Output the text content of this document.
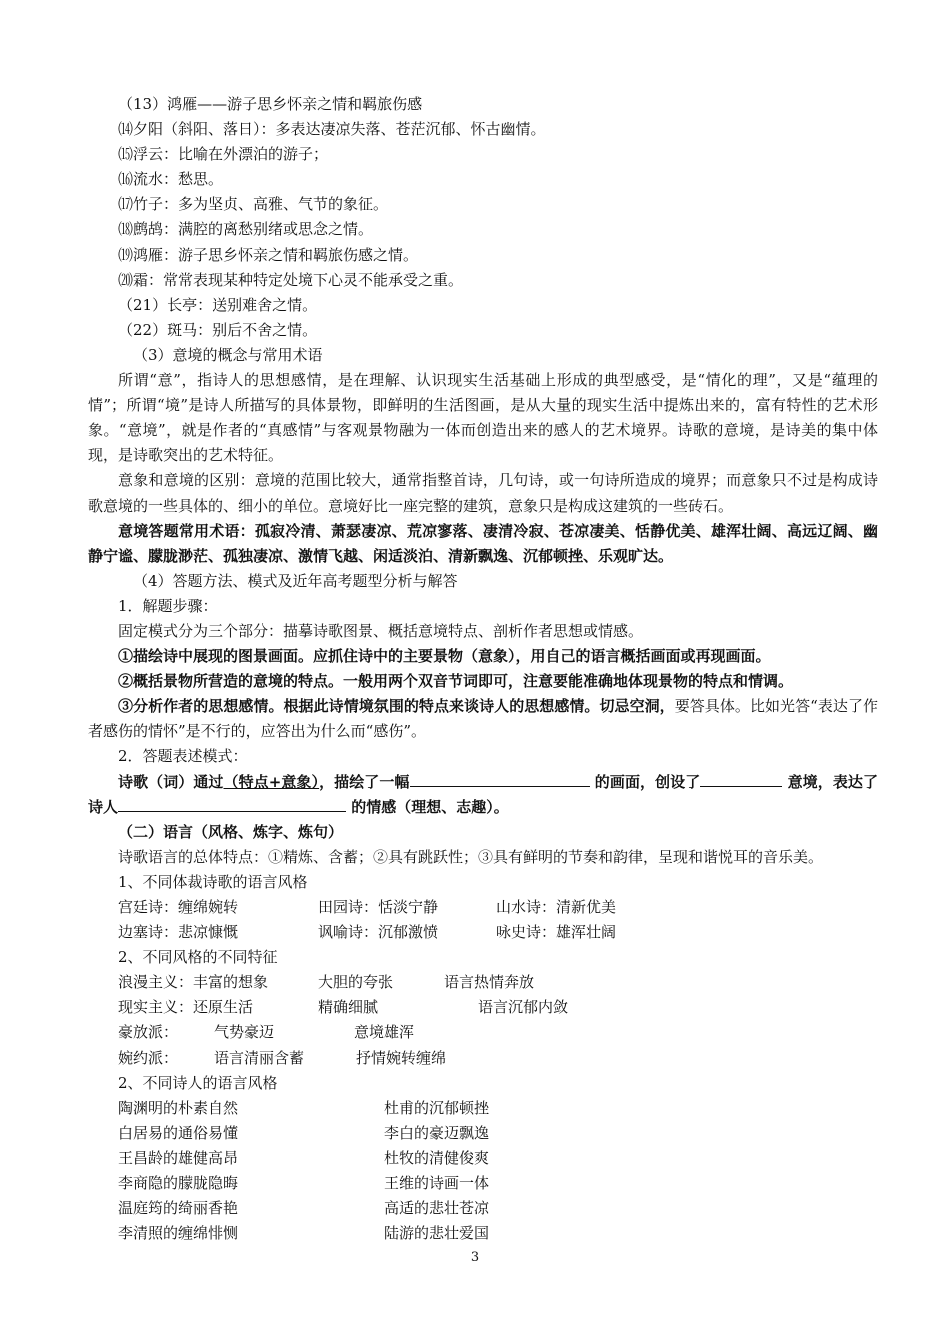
（13）鸿雁——游子思乡怀亲之情和羁旅伤感
⒁夕阳（斜阳、落日）：多表达凄凉失落、苍茫沉郁、怀古幽情。
⒂浮云：比喻在外漂泊的游子；
⒃流水：愁思。
⒄竹子：多为坚贞、高雅、气节的象征。
⒅鹧鸪：满腔的离愁别绪或思念之情。
⒆鸿雁：游子思乡怀亲之情和羁旅伤感之情。
⒇霜：常常表现某种特定处境下心灵不能承受之重。
（21）长亭：送别难舍之情。
（22）斑马：别后不舍之情。
（3）意境的概念与常用术语
所谓“意”，指诗人的思想感情，是在理解、认识现实生活基础上形成的典型感受，是“情化的理”，又是“蕴理的情”；所谓“境”是诗人所描写的具体景物，即鲜明的生活图画，是从大量的现实生活中提炼出来的，富有特性的艺术形象。“意境”，就是作者的“真感情”与客观景物融为一体而创造出来的感人的艺术境界。诗歌的意境，是诗美的集中体现，是诗歌突出的艺术特征。
意象和意境的区别：意境的范围比较大，通常指整首诗，几句诗，或一句诗所造成的境界；而意象只不过是构成诗歌意境的一些具体的、细小的单位。意境好比一座完整的建筑，意象只是构成这建筑的一些砖石。
意境答题常用术语：孤寂冷清、萧瑟凄凉、荒凉寥落、凄清冷寂、苍凉凄美、恬静优美、雄浑壮阔、高远辽阔、幽静宁谧、朦胧渺茫、孤独凄凉、激情飞越、闲适淡泊、清新飘逸、沉郁顿挫、乐观旷达。
（4）答题方法、模式及近年高考题型分析与解答
1．解题步骤：
固定模式分为三个部分：描摹诗歌图景、概括意境特点、剖析作者思想或情感。
①描绘诗中展现的图景画面。应抓住诗中的主要景物（意象），用自己的语言概括画面或再现画面。
②概括景物所营造的意境的特点。一般用两个双音节词即可，注意要能准确地体现景物的特点和情调。
③分析作者的思想感情。根据此诗情境氛围的特点来谈诗人的思想感情。切忌空洞，要答具体。比如光答“表达了作者感伤的情怀”是不行的，应答出为什么而“感伤”。
2．答题表述模式：
诗歌（词）通过（特点+意象），描绘了一幅	的画面，创设了	意境，表达了诗人	的情感（理想、志趣）。
（二）语言（风格、炼字、炼句）
诗歌语言的总体特点：①精炼、含蓄；②具有跳跃性；③具有鲜明的节奏和韵律，呈现和谐悦耳的音乐美。
1、不同体裁诗歌的语言风格
宫廷诗：缠绵婉转	田园诗：恬淡宁静	山水诗：清新优美
边塞诗：悲凉慷慨	讽喻诗：沉郁激愤	咏史诗：雄浑壮阔
2、不同风格的不同特征
浪漫主义：丰富的想象	大胆的夸张	语言热情奔放
现实主义：还原生活	精确细腻	语言沉郁内敛
豪放派：	气势豪迈	意境雄浑
婉约派：	语言清丽含蓄	抒情婉转缠绵
2、不同诗人的语言风格
陶渊明的朴素自然	杜甫的沉郁顿挫
白居易的通俗易懂	李白的豪迈飘逸
王昌龄的雄健高昂	杜牧的清健俊爽
李商隐的朦胧隐晦	王维的诗画一体
温庭筠的绮丽香艳	高适的悲壮苍凉
李清照的缠绵悱恻	陆游的悲壮爱国
3
